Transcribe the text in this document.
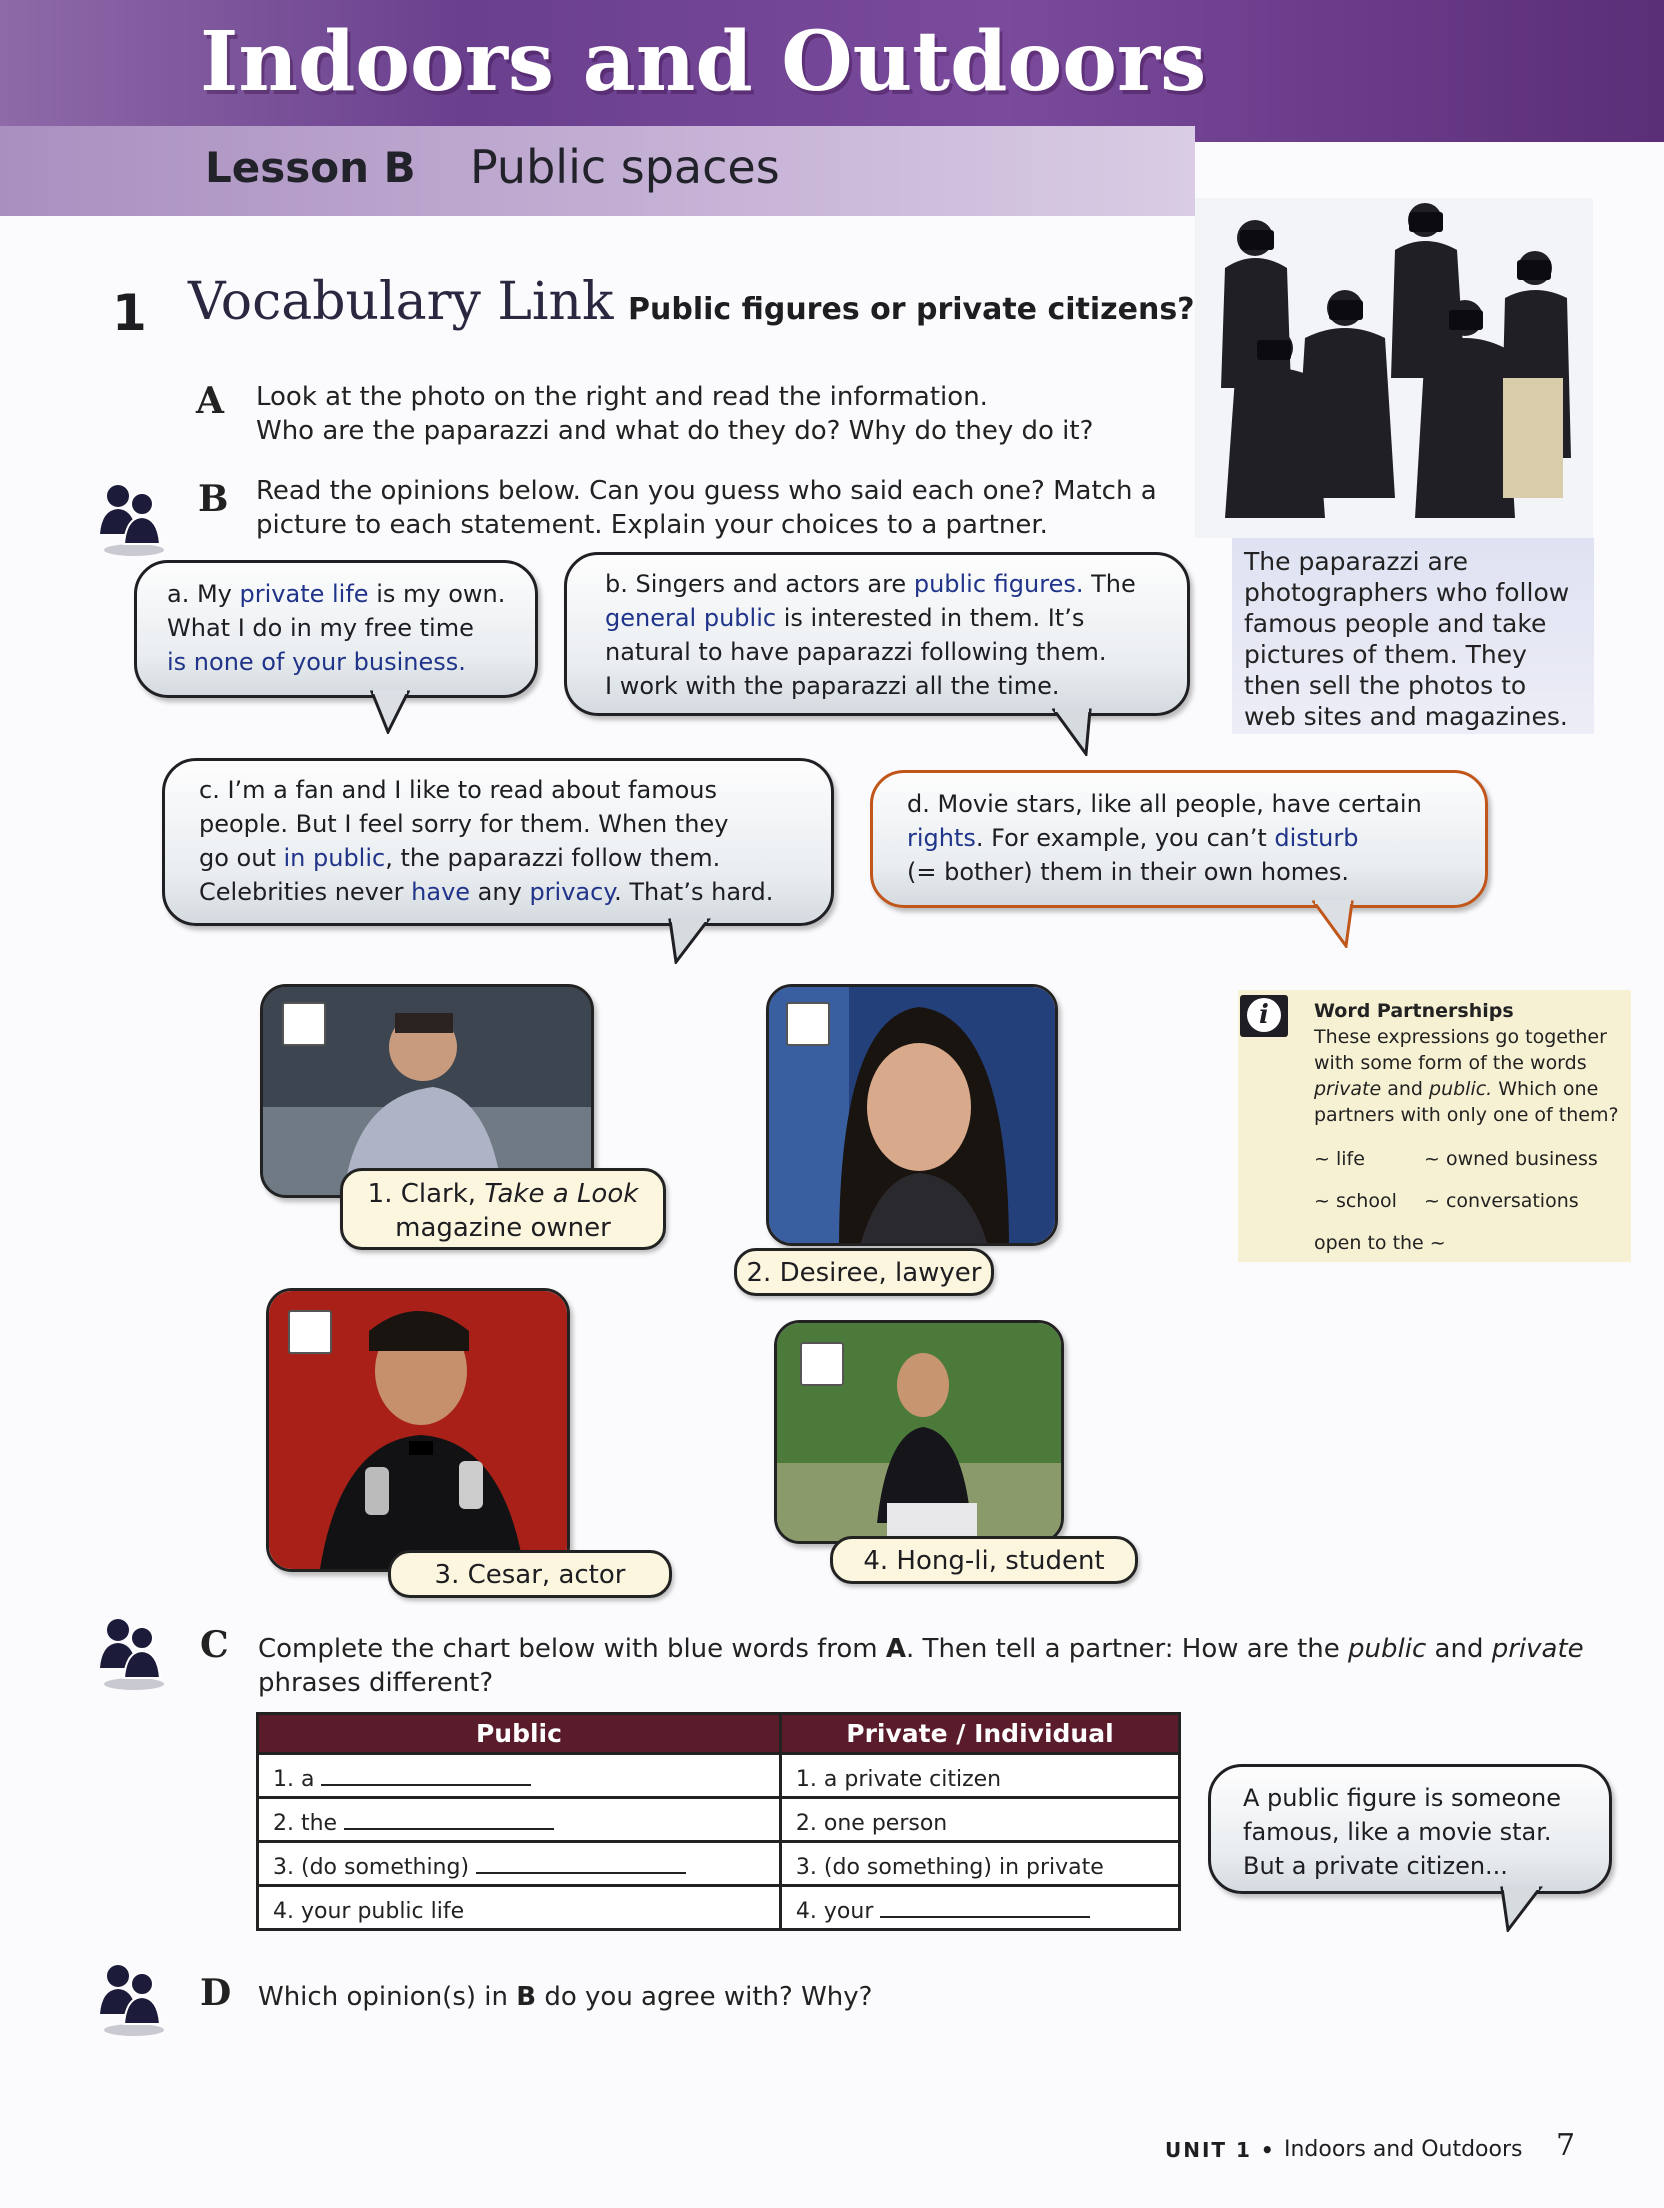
Indoors and Outdoors
Lesson B Public spaces
1 Vocabulary Link Public figures or private citizens?
A Look at the photo on the right and read the information.
Who are the paparazzi and what do they do? Why do they do it?
B Read the opinions below. Can you guess who said each one? Match a
picture to each statement. Explain your choices to a partner.
The paparazzi are photographers who follow famous people and take pictures of them. They then sell the photos to web sites and magazines.
a. My private life is my own.
What I do in my free time
is none of your business.
b. Singers and actors are public figures. The
general public is interested in them. It’s
natural to have paparazzi following them.
I work with the paparazzi all the time.
c. I’m a fan and I like to read about famous
people. But I feel sorry for them. When they
go out in public, the paparazzi follow them.
Celebrities never have any privacy. That’s hard.
d. Movie stars, like all people, have certain
rights. For example, you can’t disturb
(= bother) them in their own homes.
1. Clark, Take a Look
magazine owner
2. Desiree, lawyer
3. Cesar, actor	4. Hong-li, student
i	Word Partnerships
These expressions go together with some form of the words private and public. Which one partners with only one of them?
~ life	~ owned business
~ school ~ conversations
open to the ~
C Complete the chart below with blue words from A. Then tell a partner: How are the public and private
phrases different?
Public	Private / Individual
1. a	1. a private citizen
2. the	2. one person
3. (do something)	3. (do something) in private
4. your public life	4. your
A public figure is someone
famous, like a movie star.
But a private citizen...
D Which opinion(s) in B do you agree with? Why?
UNIT 1 • Indoors and Outdoors 7
